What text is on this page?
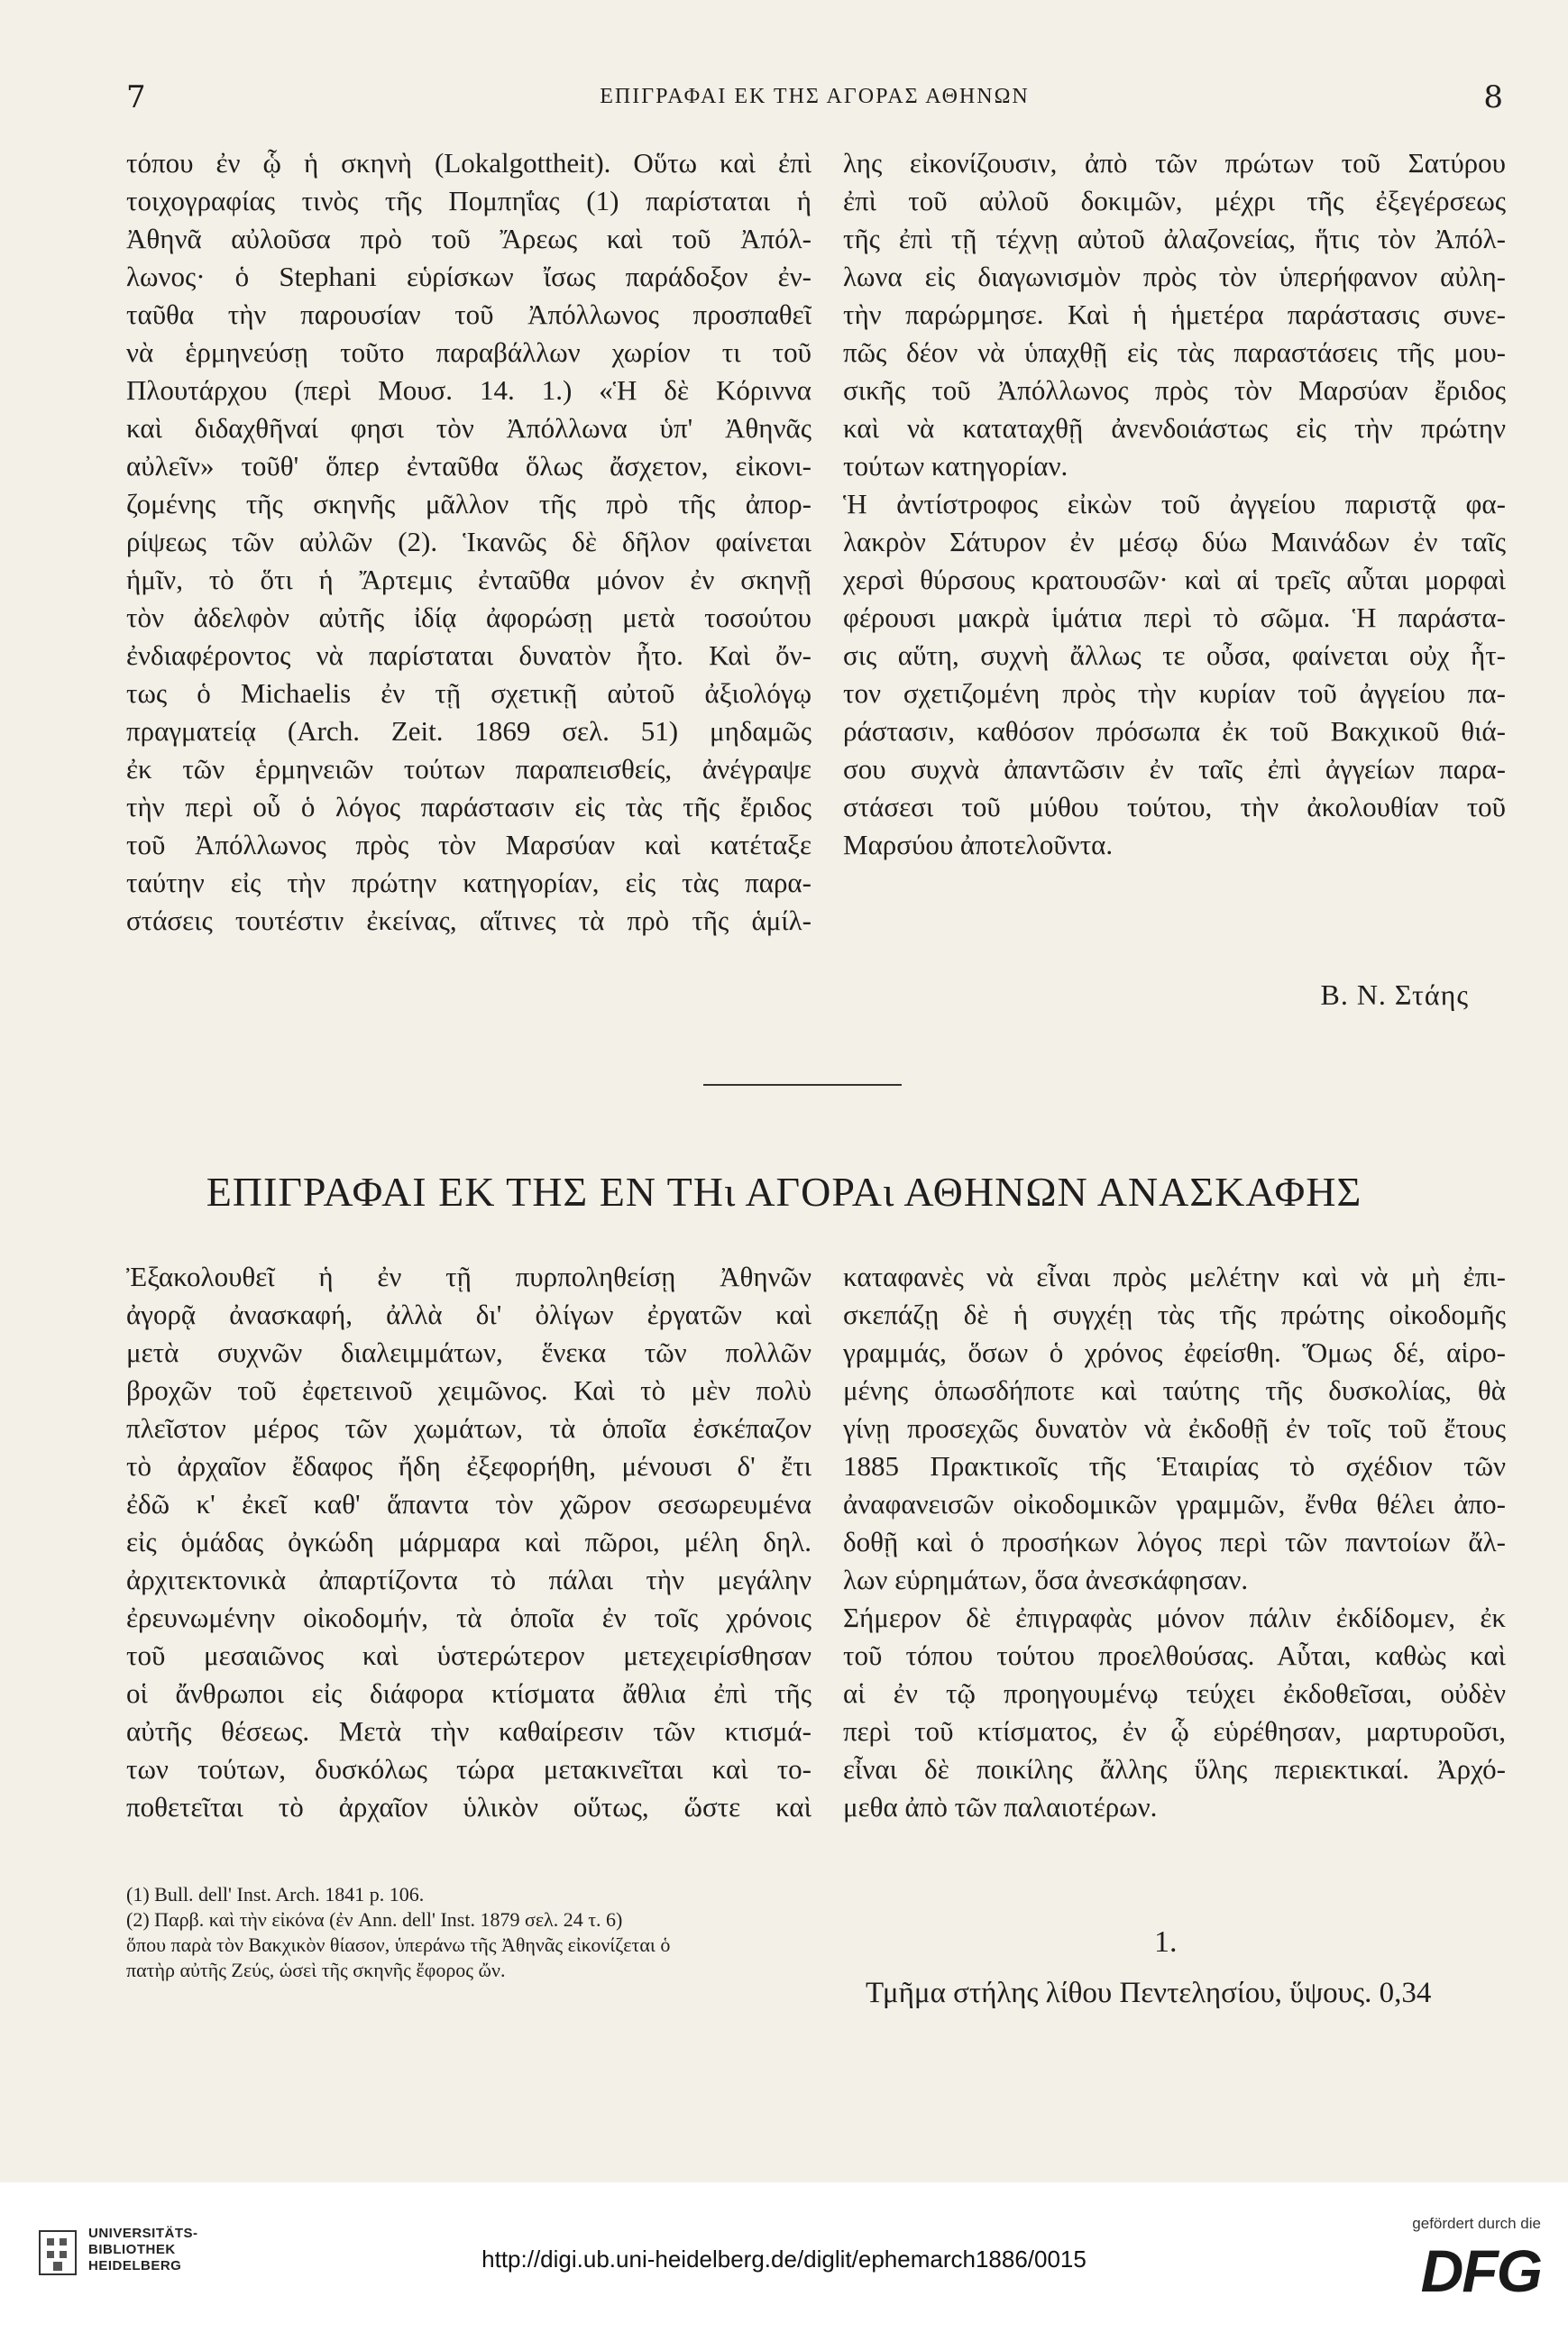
7	ΕΠΙΓΡΑΦΑΙ ΕΚ ΤΗΣ ΑΓΟΡΑΣ ΑΘΗΝΩΝ	8
τόπου ἐν ᾧ ἡ σκηνὴ (Lokalgottheit). Οὕτω καὶ ἐπὶ
τοιχογραφίας τινὸς τῆς Πομπηΐας (1) παρίσταται ἡ
Ἀθηνᾶ αὐλοῦσα πρὸ τοῦ Ἄρεως καὶ τοῦ Ἀπόλ-
λωνος· ὁ Stephani εὑρίσκων ἴσως παράδοξον ἐν-
ταῦθα τὴν παρουσίαν τοῦ Ἀπόλλωνος προσπαθεῖ
νὰ ἑρμηνεύσῃ τοῦτο παραβάλλων χωρίον τι τοῦ
Πλουτάρχου (περὶ Μουσ. 14. 1.) «Ἡ δὲ Κόριννα
καὶ διδαχθῆναί φησι τὸν Ἀπόλλωνα ὑπ' Ἀθηνᾶς
αὐλεῖν» τοῦθ' ὅπερ ἐνταῦθα ὅλως ἄσχετον, εἰκονι-
ζομένης τῆς σκηνῆς μᾶλλον τῆς πρὸ τῆς ἀπορ-
ρίψεως τῶν αὐλῶν (2). Ἱκανῶς δὲ δῆλον φαίνεται
ἡμῖν, τὸ ὅτι ἡ Ἄρτεμις ἐνταῦθα μόνον ἐν σκηνῇ
τὸν ἀδελφὸν αὐτῆς ἰδίᾳ ἀφορώσῃ μετὰ τοσούτου
ἐνδιαφέροντος νὰ παρίσταται δυνατὸν ἦτο. Καὶ ὄν-
τως ὁ Michaelis ἐν τῇ σχετικῇ αὐτοῦ ἀξιολόγῳ
πραγματείᾳ (Arch. Zeit. 1869 σελ. 51) μηδαμῶς
ἐκ τῶν ἑρμηνειῶν τούτων παραπεισθείς, ἀνέγραψε
τὴν περὶ οὗ ὁ λόγος παράστασιν εἰς τὰς τῆς ἔριδος
τοῦ Ἀπόλλωνος πρὸς τὸν Μαρσύαν καὶ κατέταξε
ταύτην εἰς τὴν πρώτην κατηγορίαν, εἰς τὰς παρα-
στάσεις τουτέστιν ἐκείνας, αἵτινες τὰ πρὸ τῆς ἁμίλ-
λης εἰκονίζουσιν, ἀπὸ τῶν πρώτων τοῦ Σατύρου
ἐπὶ τοῦ αὐλοῦ δοκιμῶν, μέχρι τῆς ἐξεγέρσεως
τῆς ἐπὶ τῇ τέχνῃ αὐτοῦ ἀλαζονείας, ἥτις τὸν Ἀπόλ-
λωνα εἰς διαγωνισμὸν πρὸς τὸν ὑπερήφανον αὐλη-
τὴν παρώρμησε. Καὶ ἡ ἡμετέρα παράστασις συνε-
πῶς δέον νὰ ὑπαχθῇ εἰς τὰς παραστάσεις τῆς μου-
σικῆς τοῦ Ἀπόλλωνος πρὸς τὸν Μαρσύαν ἔριδος
καὶ νὰ καταταχθῇ ἀνενδοιάστως εἰς τὴν πρώτην
τούτων κατηγορίαν.
Ἡ ἀντίστροφος εἰκὼν τοῦ ἀγγείου παριστᾷ φα-
λακρὸν Σάτυρον ἐν μέσῳ δύω Μαινάδων ἐν ταῖς
χερσὶ θύρσους κρατουσῶν· καὶ αἱ τρεῖς αὗται μορφαὶ
φέρουσι μακρὰ ἱμάτια περὶ τὸ σῶμα. Ἡ παράστα-
σις αὕτη, συχνὴ ἄλλως τε οὖσα, φαίνεται οὐχ ἧτ-
τον σχετιζομένη πρὸς τὴν κυρίαν τοῦ ἀγγείου πα-
ράστασιν, καθόσον πρόσωπα ἐκ τοῦ Βακχικοῦ θιά-
σου συχνὰ ἀπαντῶσιν ἐν ταῖς ἐπὶ ἀγγείων παρα-
στάσεσι τοῦ μύθου τούτου, τὴν ἀκολουθίαν τοῦ
Μαρσύου ἀποτελοῦντα.
Β. Ν. Στάης
ΕΠΙΓΡΑΦΑΙ ΕΚ ΤΗΣ ΕΝ ΤΗι ΑΓΟΡΑι ΑΘΗΝΩΝ ΑΝΑΣΚΑΦΗΣ
Ἐξακολουθεῖ ἡ ἐν τῇ πυρποληθείσῃ Ἀθηνῶν
ἀγορᾷ ἀνασκαφή, ἀλλὰ δι' ὀλίγων ἐργατῶν καὶ
μετὰ συχνῶν διαλειμμάτων, ἕνεκα τῶν πολλῶν
βροχῶν τοῦ ἐφετεινοῦ χειμῶνος. Καὶ τὸ μὲν πολὺ
πλεῖστον μέρος τῶν χωμάτων, τὰ ὁποῖα ἐσκέπαζον
τὸ ἀρχαῖον ἔδαφος ἤδη ἐξεφορήθη, μένουσι δ' ἔτι
ἐδῶ κ' ἐκεῖ καθ' ἅπαντα τὸν χῶρον σεσωρευμένα
εἰς ὁμάδας ὀγκώδη μάρμαρα καὶ πῶροι, μέλη δηλ.
ἀρχιτεκτονικὰ ἀπαρτίζοντα τὸ πάλαι τὴν μεγάλην
ἐρευνωμένην οἰκοδομήν, τὰ ὁποῖα ἐν τοῖς χρόνοις
τοῦ μεσαιῶνος καὶ ὑστερώτερον μετεχειρίσθησαν
οἱ ἄνθρωποι εἰς διάφορα κτίσματα ἄθλια ἐπὶ τῆς
αὐτῆς θέσεως. Μετὰ τὴν καθαίρεσιν τῶν κτισμά-
των τούτων, δυσκόλως τώρα μετακινεῖται καὶ το-
ποθετεῖται τὸ ἀρχαῖον ὑλικὸν οὕτως, ὥστε καὶ
καταφανὲς νὰ εἶναι πρὸς μελέτην καὶ νὰ μὴ ἐπι-
σκεπάζῃ δὲ ἡ συγχέῃ τὰς τῆς πρώτης οἰκοδομῆς
γραμμάς, ὅσων ὁ χρόνος ἐφείσθη. Ὅμως δέ, αἱρο-
μένης ὁπωσδήποτε καὶ ταύτης τῆς δυσκολίας, θὰ
γίνῃ προσεχῶς δυνατὸν νὰ ἐκδοθῇ ἐν τοῖς τοῦ ἔτους
1885 Πρακτικοῖς τῆς Ἑταιρίας τὸ σχέδιον τῶν
ἀναφανεισῶν οἰκοδομικῶν γραμμῶν, ἔνθα θέλει ἀπο-
δοθῇ καὶ ὁ προσήκων λόγος περὶ τῶν παντοίων ἄλ-
λων εὑρημάτων, ὅσα ἀνεσκάφησαν.
Σήμερον δὲ ἐπιγραφὰς μόνον πάλιν ἐκδίδομεν, ἐκ
τοῦ τόπου τούτου προελθούσας. Αὗται, καθὼς καὶ
αἱ ἐν τῷ προηγουμένῳ τεύχει ἐκδοθεῖσαι, οὐδὲν
περὶ τοῦ κτίσματος, ἐν ᾧ εὑρέθησαν, μαρτυροῦσι,
εἶναι δὲ ποικίλης ἄλλης ὕλης περιεκτικαί. Ἀρχό-
μεθα ἀπὸ τῶν παλαιοτέρων.
(1) Bull. dell' Inst. Arch. 1841 p. 106.
(2) Παρβ. καὶ τὴν εἰκόνα (ἐν Ann. dell' Inst. 1879 σελ. 24 τ. 6)
ὅπου παρὰ τὸν Βακχικὸν θίασον, ὑπεράνω τῆς Ἀθηνᾶς εἰκονίζεται ὁ
πατὴρ αὐτῆς Ζεύς, ὡσεὶ τῆς σκηνῆς ἔφορος ὤν.
1.
Τμῆμα στήλης λίθου Πεντελησίου, ὕψους. 0,34
UNIVERSITÄTS-
BIBLIOTHEK
HEIDELBERG	http://digi.ub.uni-heidelberg.de/diglit/ephemarch1886/0015
gefördert durch die
DFG
